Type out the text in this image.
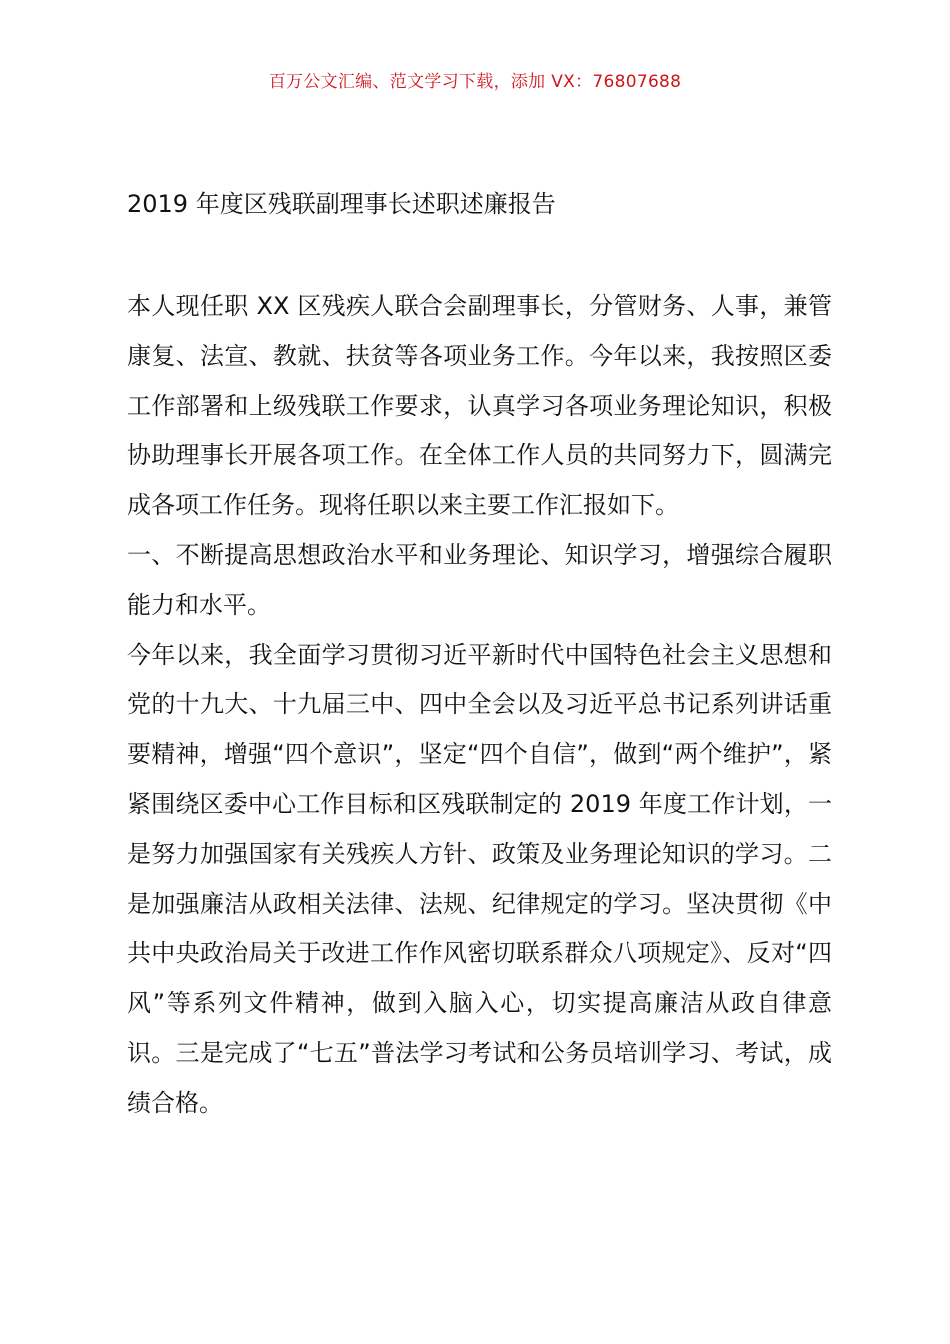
百万公文汇编、范文学习下载，添加 VX：76807688
2019 年度区残联副理事长述职述廉报告

本人现任职 XX 区残疾人联合会副理事长，分管财务、人事，兼管康复、法宣、教就、扶贫等各项业务工作。今年以来，我按照区委工作部署和上级残联工作要求，认真学习各项业务理论知识，积极协助理事长开展各项工作。在全体工作人员的共同努力下，圆满完成各项工作任务。现将任职以来主要工作汇报如下。

一、不断提高思想政治水平和业务理论、知识学习，增强综合履职能力和水平。

今年以来，我全面学习贯彻习近平新时代中国特色社会主义思想和党的十九大、十九届三中、四中全会以及习近平总书记系列讲话重要精神，增强“四个意识”，坚定“四个自信”，做到“两个维护”，紧紧围绕区委中心工作目标和区残联制定的 2019 年度工作计划，一是努力加强国家有关残疾人方针、政策及业务理论知识的学习。二是加强廉洁从政相关法律、法规、纪律规定的学习。坚决贯彻《中共中央政治局关于改进工作作风密切联系群众八项规定》、反对“四风”等系列文件精神，做到入脑入心，切实提高廉洁从政自律意识。三是完成了“七五”普法学习考试和公务员培训学习、考试，成绩合格。
